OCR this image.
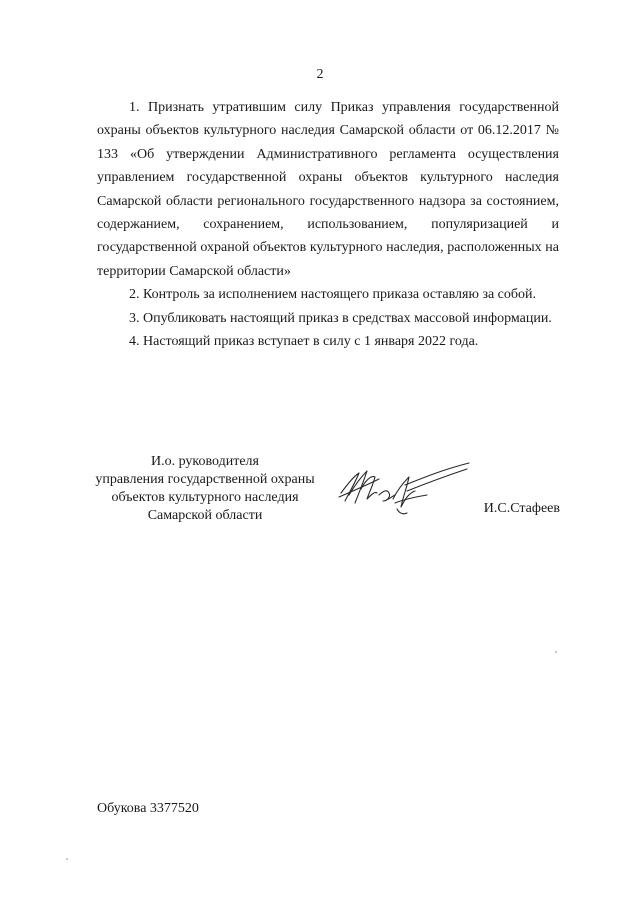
2

1. Признать утратившим силу Приказ управления государственной охраны объектов культурного наследия Самарской области от 06.12.2017 № 133 «Об утверждении Административного регламента осуществления управлением государственной охраны объектов культурного наследия Самарской области регионального государственного надзора за состоянием, содержанием, сохранением, использованием, популяризацией и государственной охраной объектов культурного наследия, расположенных на территории Самарской области»

2. Контроль за исполнением настоящего приказа оставляю за собой.

3. Опубликовать настоящий приказ в средствах массовой информации.

4. Настоящий приказ вступает в силу с 1 января 2022 года.

И.о. руководителя
управления государственной охраны
объектов культурного наследия
Самарской области	И.С.Стафеев
Обукова 3377520
